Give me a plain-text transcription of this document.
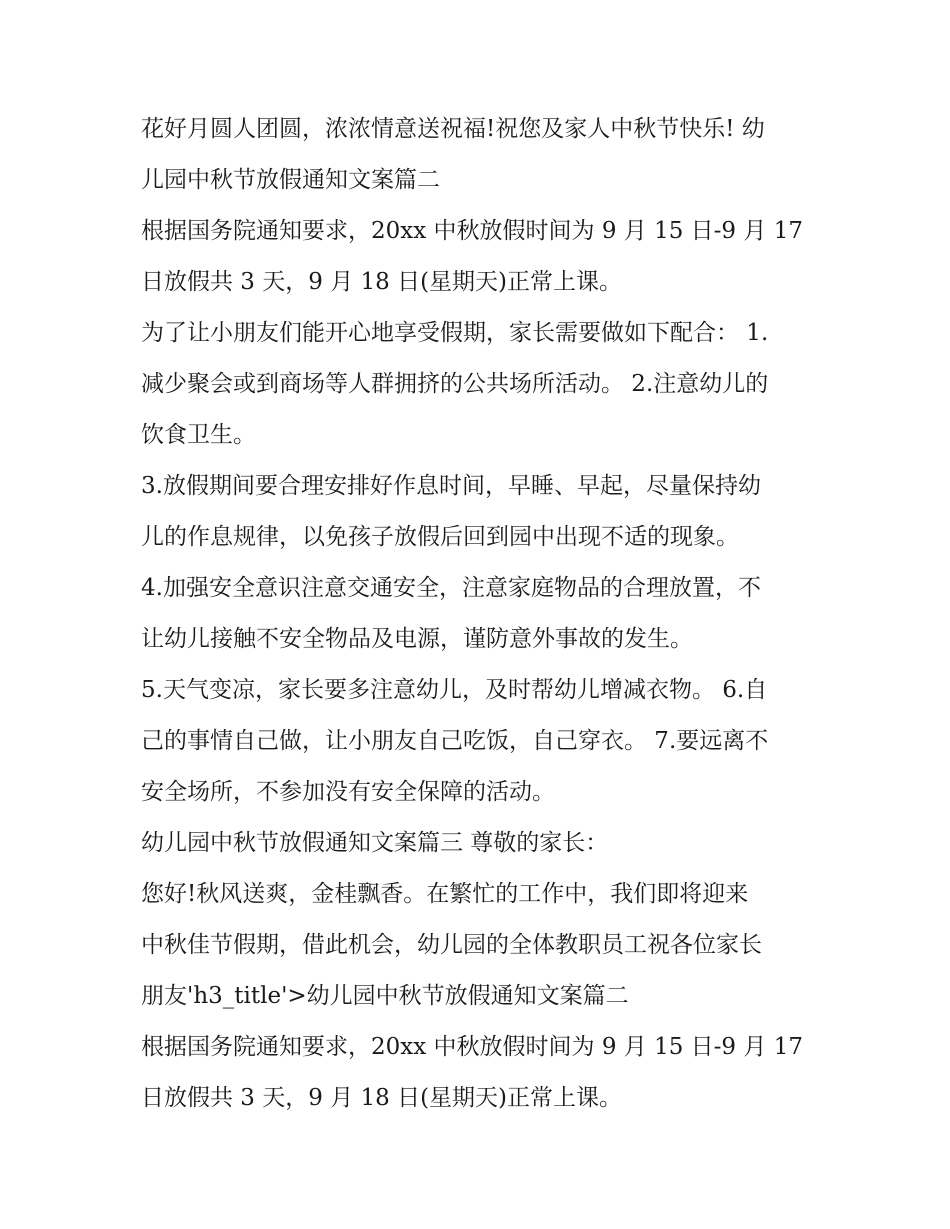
花好月圆人团圆，浓浓情意送祝福!祝您及家人中秋节快乐! 幼
儿园中秋节放假通知文案篇二

根据国务院通知要求，20xx 中秋放假时间为 9 月 15 日-9 月 17
日放假共 3 天，9 月 18 日(星期天)正常上课。

为了让小朋友们能开心地享受假期，家长需要做如下配合： 1.
减少聚会或到商场等人群拥挤的公共场所活动。 2.注意幼儿的
饮食卫生。

3.放假期间要合理安排好作息时间，早睡、早起，尽量保持幼
儿的作息规律，以免孩子放假后回到园中出现不适的现象。

4.加强安全意识注意交通安全，注意家庭物品的合理放置，不
让幼儿接触不安全物品及电源，谨防意外事故的发生。

5.天气变凉，家长要多注意幼儿，及时帮幼儿增减衣物。 6.自
己的事情自己做，让小朋友自己吃饭，自己穿衣。 7.要远离不
安全场所，不参加没有安全保障的活动。

幼儿园中秋节放假通知文案篇三 尊敬的家长：

您好!秋风送爽，金桂飘香。在繁忙的工作中，我们即将迎来
中秋佳节假期，借此机会，幼儿园的全体教职员工祝各位家长
朋友'h3_title'>幼儿园中秋节放假通知文案篇二

根据国务院通知要求，20xx 中秋放假时间为 9 月 15 日-9 月 17
日放假共 3 天，9 月 18 日(星期天)正常上课。
